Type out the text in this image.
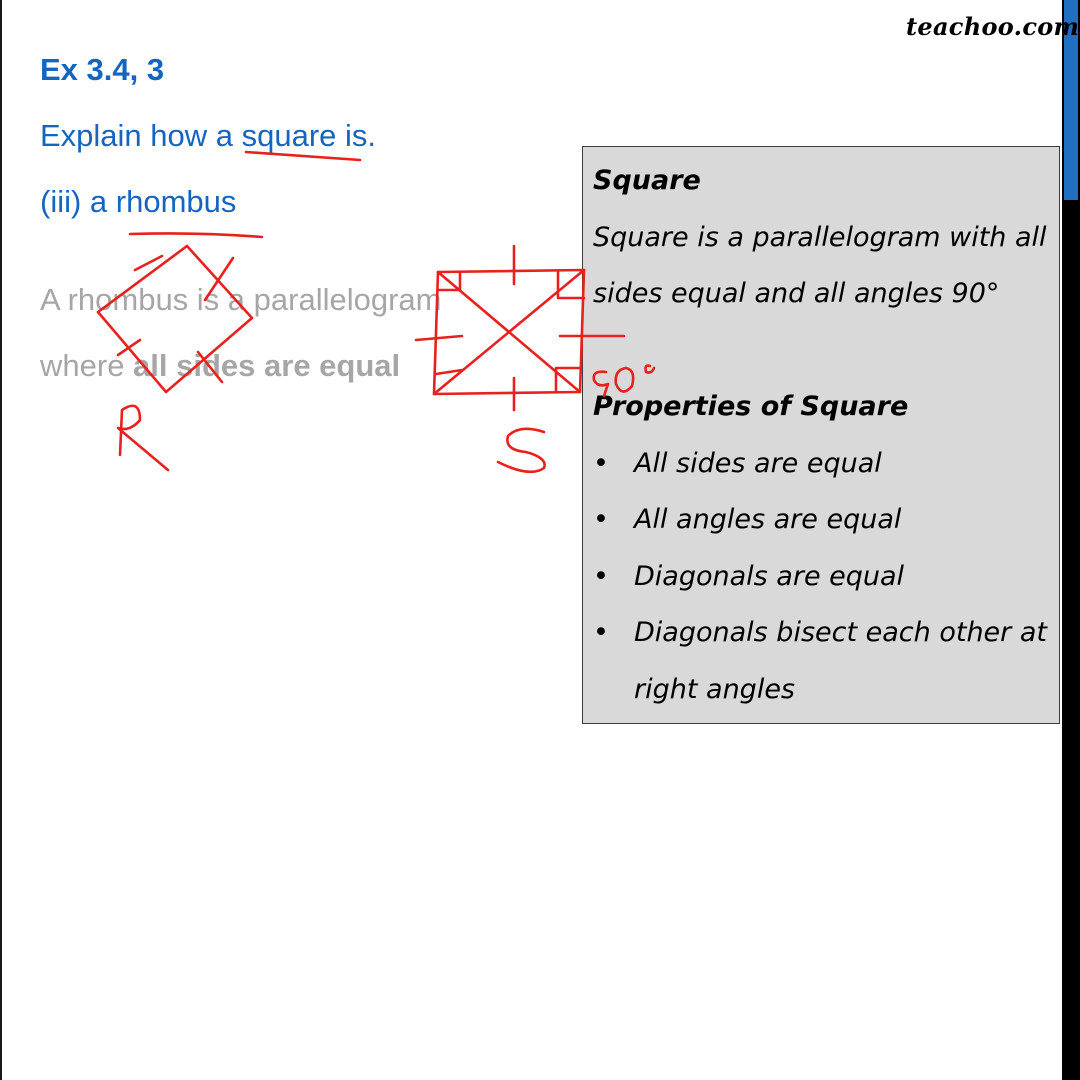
teachoo.com
Ex 3.4, 3
Explain how a square is.
(iii) a rhombus
A rhombus is a parallelogram
where all sides are equal
Square
Square is a parallelogram with all
sides equal and all angles 90°
Properties of Square
• All sides are equal
• All angles are equal
• Diagonals are equal
• Diagonals bisect each other at
right angles
